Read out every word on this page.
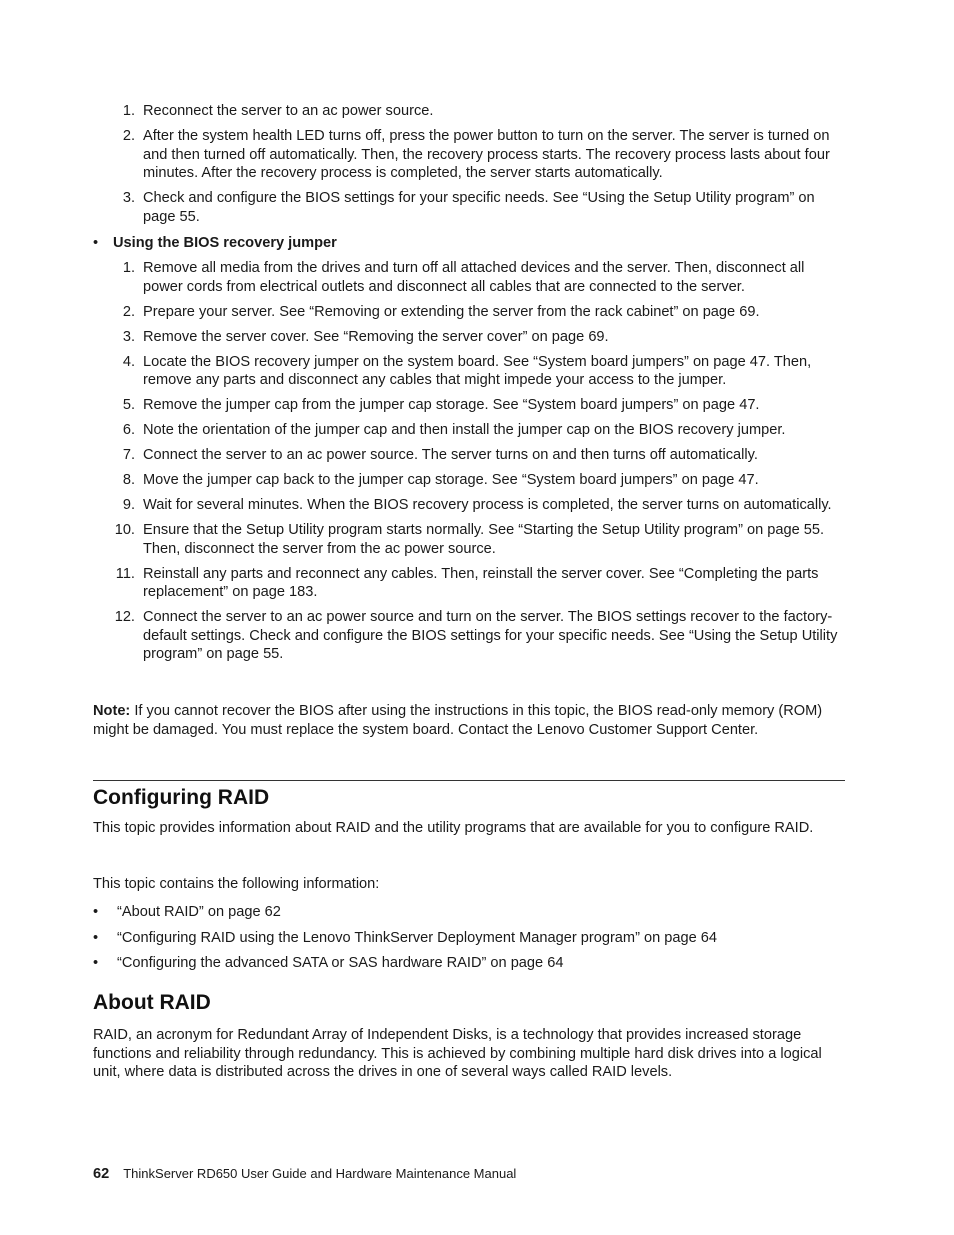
1. Reconnect the server to an ac power source.
2. After the system health LED turns off, press the power button to turn on the server. The server is turned on and then turned off automatically. Then, the recovery process starts. The recovery process lasts about four minutes. After the recovery process is completed, the server starts automatically.
3. Check and configure the BIOS settings for your specific needs. See “Using the Setup Utility program” on page 55.
• Using the BIOS recovery jumper
1. Remove all media from the drives and turn off all attached devices and the server. Then, disconnect all power cords from electrical outlets and disconnect all cables that are connected to the server.
2. Prepare your server. See “Removing or extending the server from the rack cabinet” on page 69.
3. Remove the server cover. See “Removing the server cover” on page 69.
4. Locate the BIOS recovery jumper on the system board. See “System board jumpers” on page 47. Then, remove any parts and disconnect any cables that might impede your access to the jumper.
5. Remove the jumper cap from the jumper cap storage. See “System board jumpers” on page 47.
6. Note the orientation of the jumper cap and then install the jumper cap on the BIOS recovery jumper.
7. Connect the server to an ac power source. The server turns on and then turns off automatically.
8. Move the jumper cap back to the jumper cap storage. See “System board jumpers” on page 47.
9. Wait for several minutes. When the BIOS recovery process is completed, the server turns on automatically.
10. Ensure that the Setup Utility program starts normally. See “Starting the Setup Utility program” on page 55. Then, disconnect the server from the ac power source.
11. Reinstall any parts and reconnect any cables. Then, reinstall the server cover. See “Completing the parts replacement” on page 183.
12. Connect the server to an ac power source and turn on the server. The BIOS settings recover to the factory-default settings. Check and configure the BIOS settings for your specific needs. See “Using the Setup Utility program” on page 55.
Note: If you cannot recover the BIOS after using the instructions in this topic, the BIOS read-only memory (ROM) might be damaged. You must replace the system board. Contact the Lenovo Customer Support Center.
Configuring RAID
This topic provides information about RAID and the utility programs that are available for you to configure RAID.
This topic contains the following information:
• “About RAID” on page 62
• “Configuring RAID using the Lenovo ThinkServer Deployment Manager program” on page 64
• “Configuring the advanced SATA or SAS hardware RAID” on page 64
About RAID
RAID, an acronym for Redundant Array of Independent Disks, is a technology that provides increased storage functions and reliability through redundancy. This is achieved by combining multiple hard disk drives into a logical unit, where data is distributed across the drives in one of several ways called RAID levels.
62 ThinkServer RD650 User Guide and Hardware Maintenance Manual
